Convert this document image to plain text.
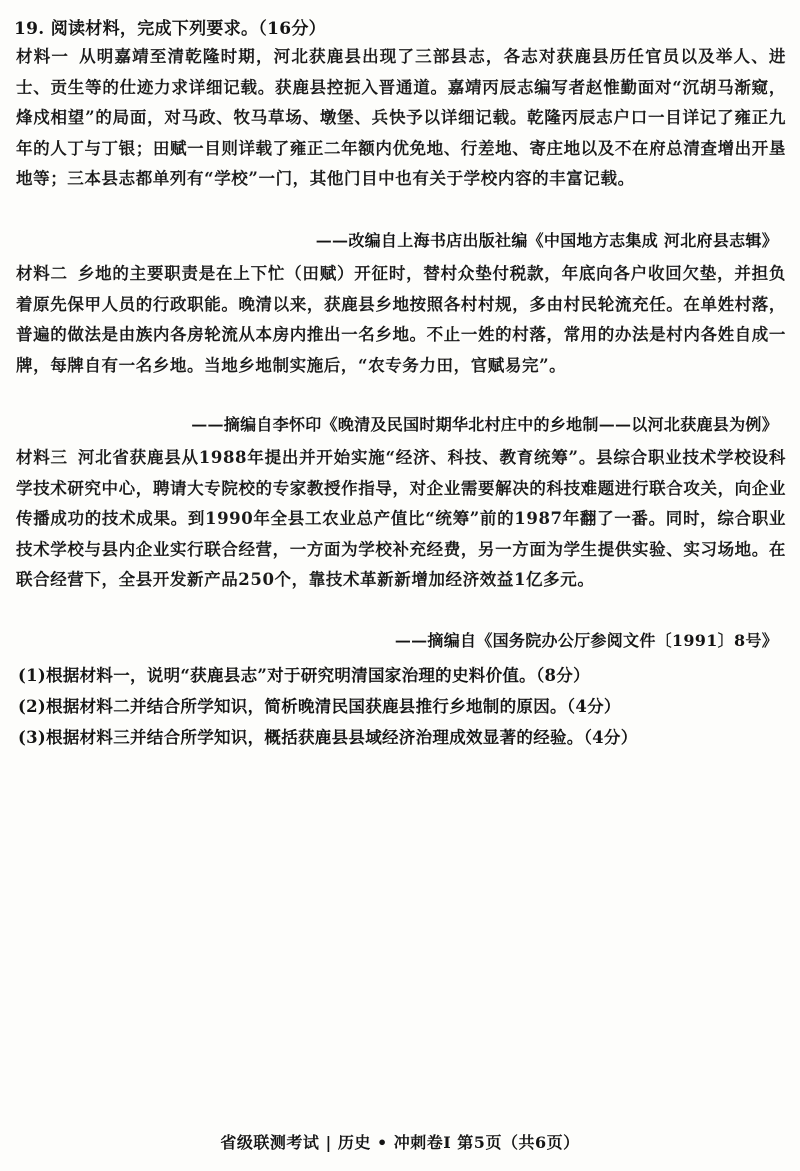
19. 阅读材料，完成下列要求。（16分）
材料一 从明嘉靖至清乾隆时期，河北获鹿县出现了三部县志，各志对获鹿县历任官员以及举人、进士、贡生等的仕迹力求详细记载。获鹿县控扼入晋通道。嘉靖丙辰志编写者赵惟勤面对“沉胡马渐窥，烽戍相望”的局面，对马政、牧马草场、墩堡、兵快予以详细记载。乾隆丙辰志户口一目详记了雍正九年的人丁与丁银；田赋一目则详载了雍正二年额内优免地、行差地、寄庄地以及不在府总清查增出开垦地等；三本县志都单列有“学校”一门，其他门目中也有关于学校内容的丰富记载。
——改编自上海书店出版社编《中国地方志集成 河北府县志辑》
材料二 乡地的主要职责是在上下忙（田赋）开征时，替村众垫付税款，年底向各户收回欠垫，并担负着原先保甲人员的行政职能。晚清以来，获鹿县乡地按照各村村规，多由村民轮流充任。在单姓村落，普遍的做法是由族内各房轮流从本房内推出一名乡地。不止一姓的村落，常用的办法是村内各姓自成一牌，每牌自有一名乡地。当地乡地制实施后，“农专务力田，官赋易完”。
——摘编自李怀印《晚清及民国时期华北村庄中的乡地制——以河北获鹿县为例》
材料三 河北省获鹿县从1988年提出并开始实施“经济、科技、教育统筹”。县综合职业技术学校设科学技术研究中心，聘请大专院校的专家教授作指导，对企业需要解决的科技难题进行联合攻关，向企业传播成功的技术成果。到1990年全县工农业总产值比“统筹”前的1987年翻了一番。同时，综合职业技术学校与县内企业实行联合经营，一方面为学校补充经费，另一方面为学生提供实验、实习场地。在联合经营下，全县开发新产品250个，靠技术革新新增加经济效益1亿多元。
——摘编自《国务院办公厅参阅文件〔1991〕8号》
(1)根据材料一，说明“获鹿县志”对于研究明清国家治理的史料价值。（8分）
(2)根据材料二并结合所学知识，简析晚清民国获鹿县推行乡地制的原因。（4分）
(3)根据材料三并结合所学知识，概括获鹿县县域经济治理成效显著的经验。（4分）
省级联测考试 | 历史 • 冲刺卷Ⅰ 第5页（共6页）
